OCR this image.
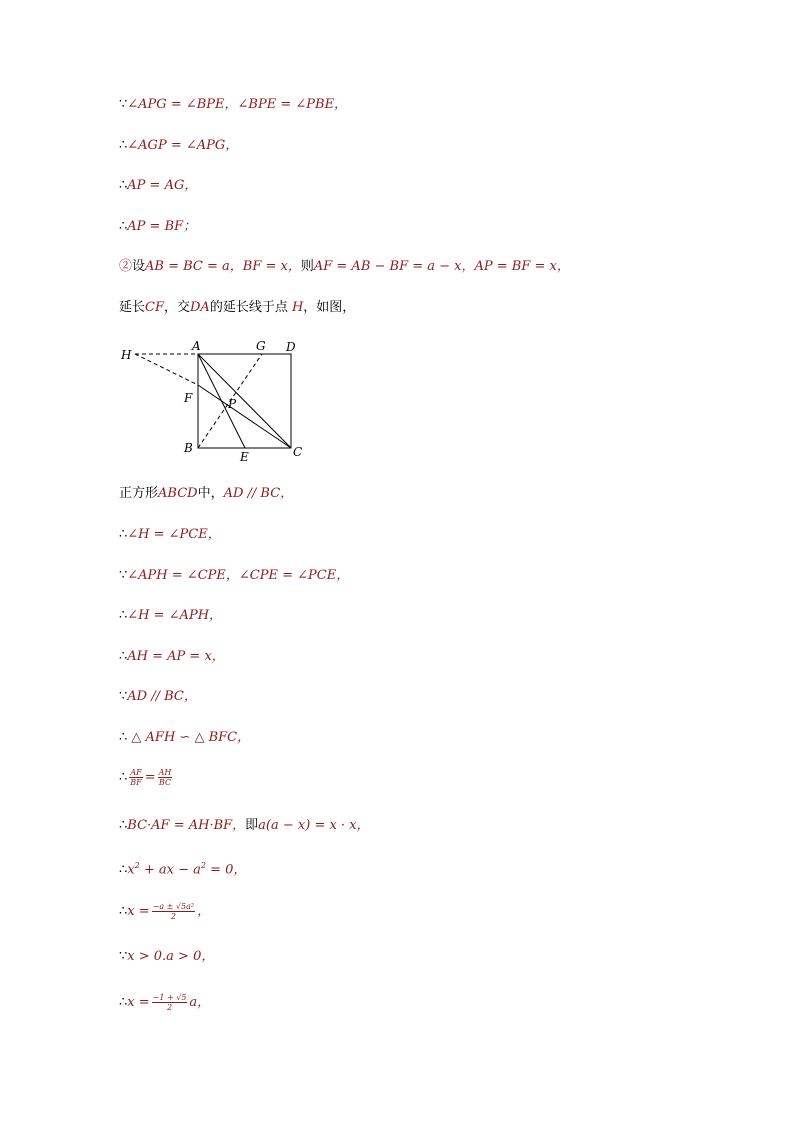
∵∠APG = ∠BPE，∠BPE = ∠PBE，
∴∠AGP = ∠APG，
∴AP = AG，
∴AP = BF；
②设AB = BC = a，BF = x，则AF = AB − BF = a − x，AP = BF = x，
延长CF，交DA的延长线于点 H，如图，
H
A	G D
F	P
B
E	C
正方形ABCD中，AD // BC，
∴∠H = ∠PCE，
∵∠APH = ∠CPE，∠CPE = ∠PCE，
∴∠H = ∠APH，
∴AH = AP = x，
∵AD // BC，
∴ △ AFH ∽ △ BFC，
∴ $\frac{AF}{BF} = \frac{AH}{BC}$
∴BC·AF = AH·BF，即a(a − x) = x · x，
$\therefore x^2$ + ax − $a^2 = 0$，
∴x = $\frac{\text{−a ± √5a²}}{2}$ ，
∵x > 0.a > 0，
∴x = $\frac{-1 + √5}{2}$ a，
